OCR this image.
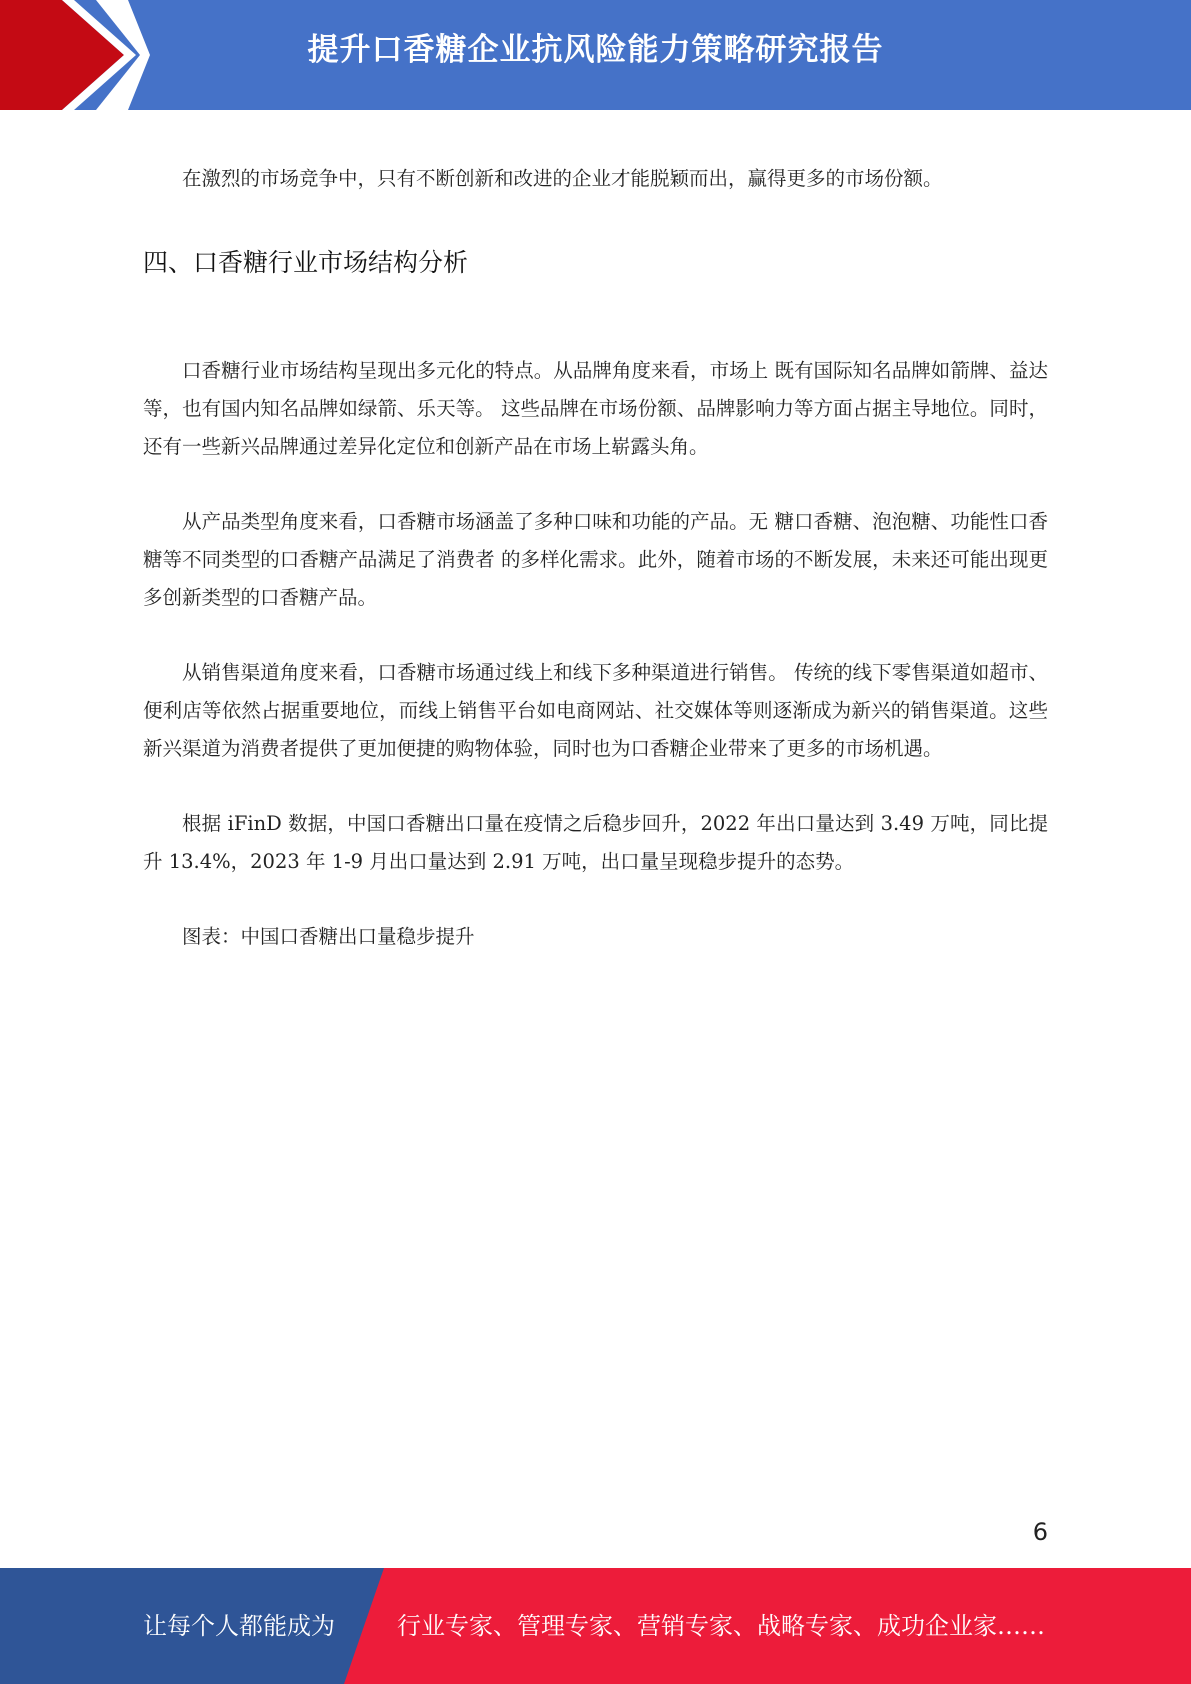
提升口香糖企业抗风险能力策略研究报告

在激烈的市场竞争中，只有不断创新和改进的企业才能脱颖而出，赢得更多的市场份额。

四、口香糖行业市场结构分析

口香糖行业市场结构呈现出多元化的特点。从品牌角度来看，市场上 既有国际知名品牌如箭牌、益达等，也有国内知名品牌如绿箭、乐天等。 这些品牌在市场份额、品牌影响力等方面占据主导地位。同时，还有一些新兴品牌通过差异化定位和创新产品在市场上崭露头角。

从产品类型角度来看，口香糖市场涵盖了多种口味和功能的产品。无 糖口香糖、泡泡糖、功能性口香糖等不同类型的口香糖产品满足了消费者 的多样化需求。此外，随着市场的不断发展，未来还可能出现更多创新类型的口香糖产品。

从销售渠道角度来看，口香糖市场通过线上和线下多种渠道进行销售。 传统的线下零售渠道如超市、便利店等依然占据重要地位，而线上销售平台如电商网站、社交媒体等则逐渐成为新兴的销售渠道。这些新兴渠道为消费者提供了更加便捷的购物体验，同时也为口香糖企业带来了更多的市场机遇。

根据 iFinD 数据，中国口香糖出口量在疫情之后稳步回升，2022 年出口量达到 3.49 万吨，同比提升 13.4%，2023 年 1-9 月出口量达到 2.91 万吨，出口量呈现稳步提升的态势。

图表：中国口香糖出口量稳步提升

6
让每个人都能成为	行业专家、管理专家、营销专家、战略专家、成功企业家……
